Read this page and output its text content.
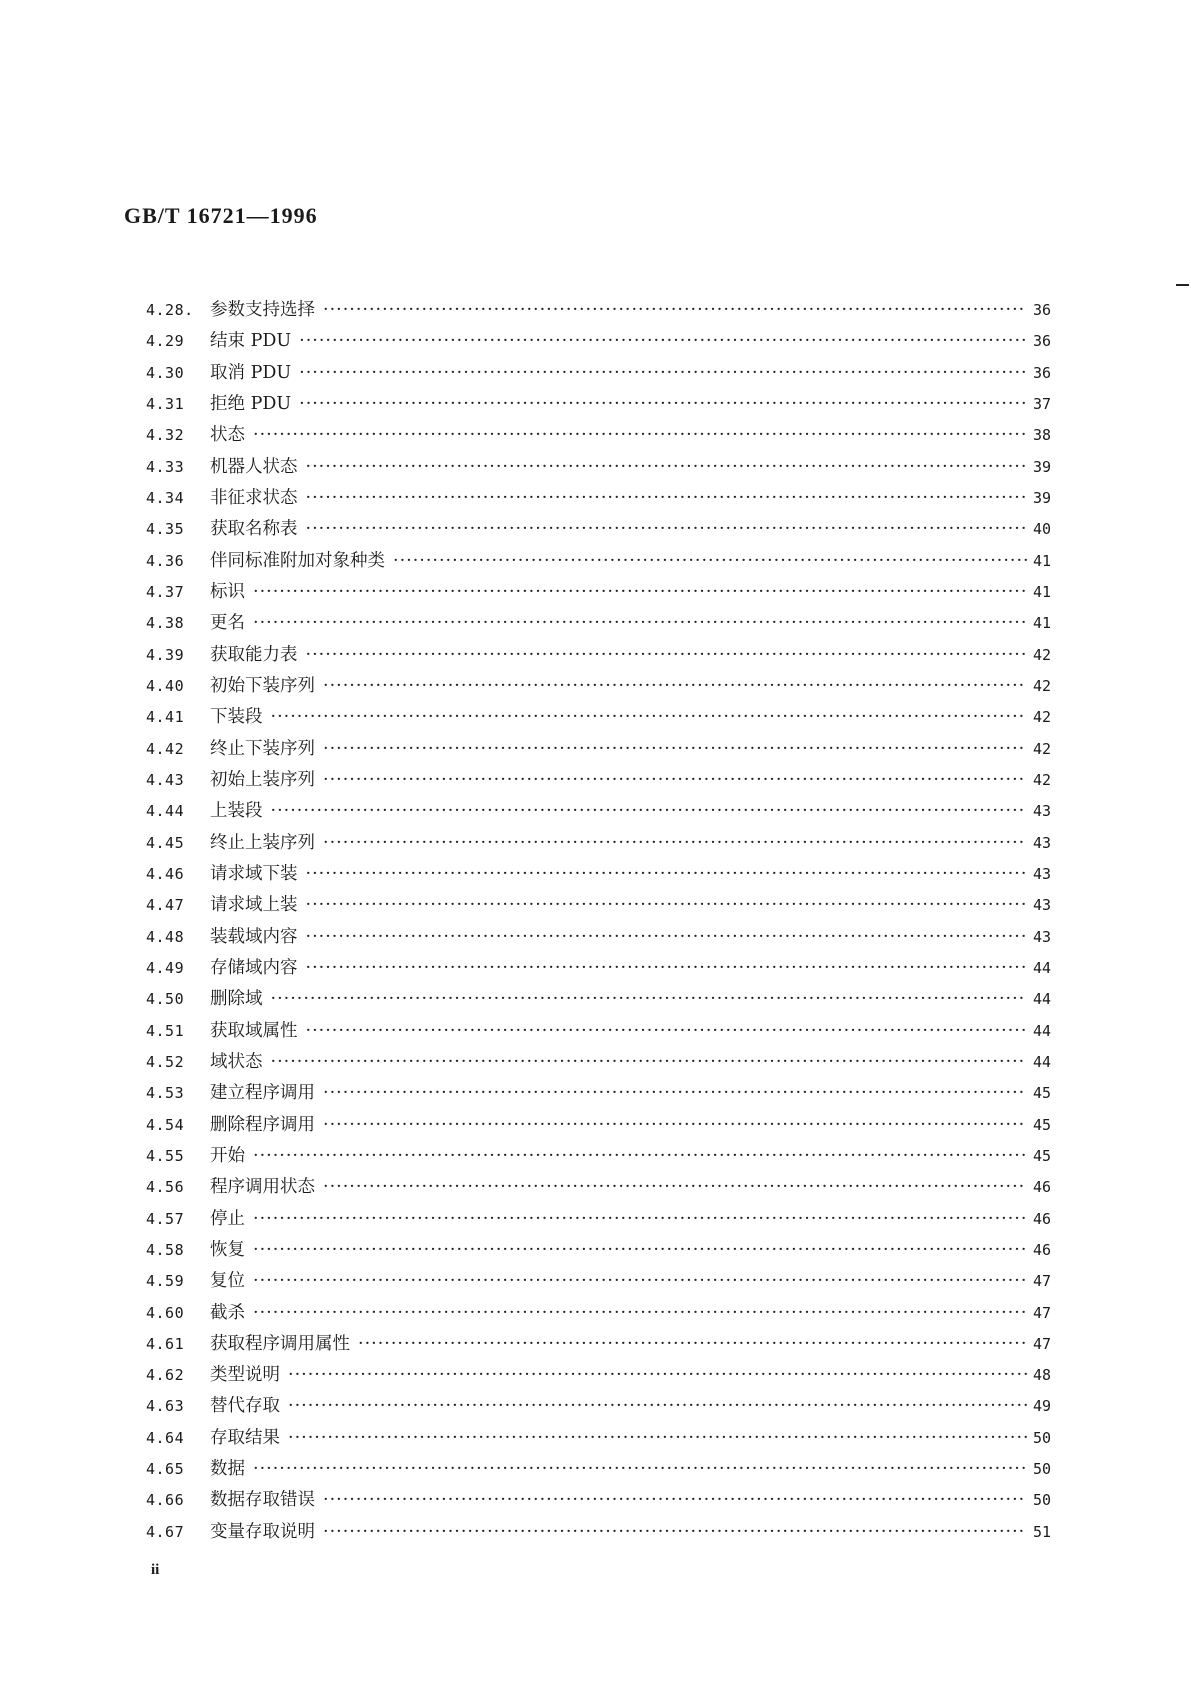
GB/T 16721—1996
4.28. 参数支持选择 ·····	36
4.29	结束 PDU ·····	36
4.30	取消 PDU ·····	36
4.31	拒绝 PDU ·····	37
4.32	状态 ·····	38
4.33	机器人状态 ·····	39
4.34	非征求状态 ·····	39
4.35	获取名称表 ·····	40
4.36	伴同标准附加对象种类 ·····	41
4.37	标识 ·····	41
4.38	更名 ·····	41
4.39	获取能力表 ·····	42
4.40	初始下装序列 ·····	42
4.41	下装段 ·····	42
4.42	终止下装序列 ·····	42
4.43	初始上装序列 ·····	42
4.44	上装段 ·····	43
4.45	终止上装序列 ·····	43
4.46	请求域下装 ·····	43
4.47	请求域上装 ·····	43
4.48	装载域内容 ·····	43
4.49	存储域内容 ·····	44
4.50	删除域 ·····	44
4.51	获取域属性 ·····	44
4.52	域状态 ·····	44
4.53	建立程序调用 ·····	45
4.54	删除程序调用 ·····	45
4.55	开始 ·····	45
4.56	程序调用状态 ·····	46
4.57	停止 ·····	46
4.58	恢复 ·····	46
4.59	复位 ·····	47
4.60	截杀 ·····	47
4.61	获取程序调用属性 ·····	47
4.62	类型说明 ·····	48
4.63	替代存取 ·····	49
4.64	存取结果 ·····	50
4.65	数据 ·····	50
4.66	数据存取错误 ·····	50
4.67	变量存取说明 ·····	51
ii
